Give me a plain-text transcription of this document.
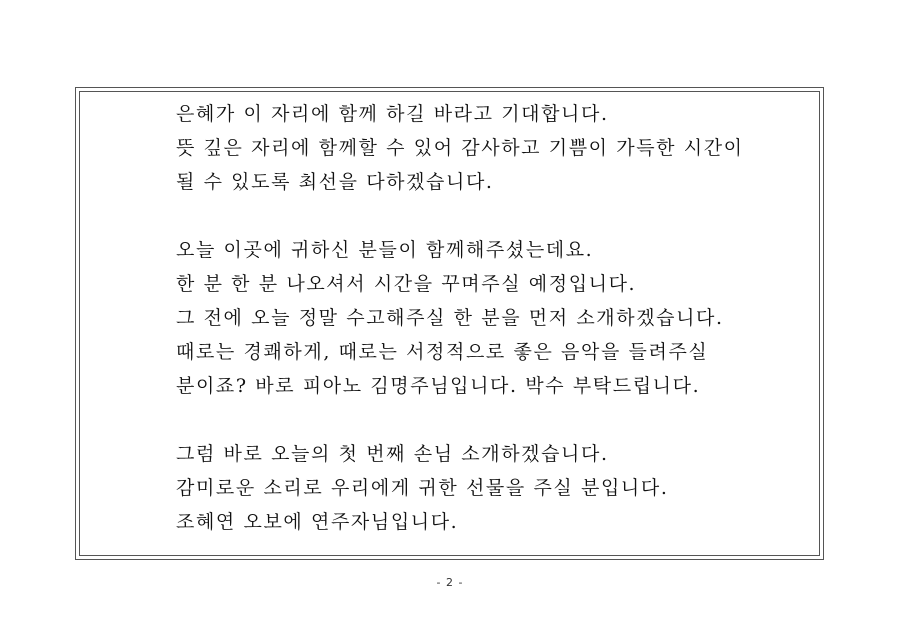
은혜가 이 자리에 함께 하길 바라고 기대합니다.
뜻 깊은 자리에 함께할 수 있어 감사하고 기쁨이 가득한 시간이
될 수 있도록 최선을 다하겠습니다.
오늘 이곳에 귀하신 분들이 함께해주셨는데요.
한 분 한 분 나오셔서 시간을 꾸며주실 예정입니다.
그 전에 오늘 정말 수고해주실 한 분을 먼저 소개하겠습니다.
때로는 경쾌하게, 때로는 서정적으로 좋은 음악을 들려주실
분이죠? 바로 피아노 김명주님입니다. 박수 부탁드립니다.
그럼 바로 오늘의 첫 번째 손님 소개하겠습니다.
감미로운 소리로 우리에게 귀한 선물을 주실 분입니다.
조혜연 오보에 연주자님입니다.
- 2 -
